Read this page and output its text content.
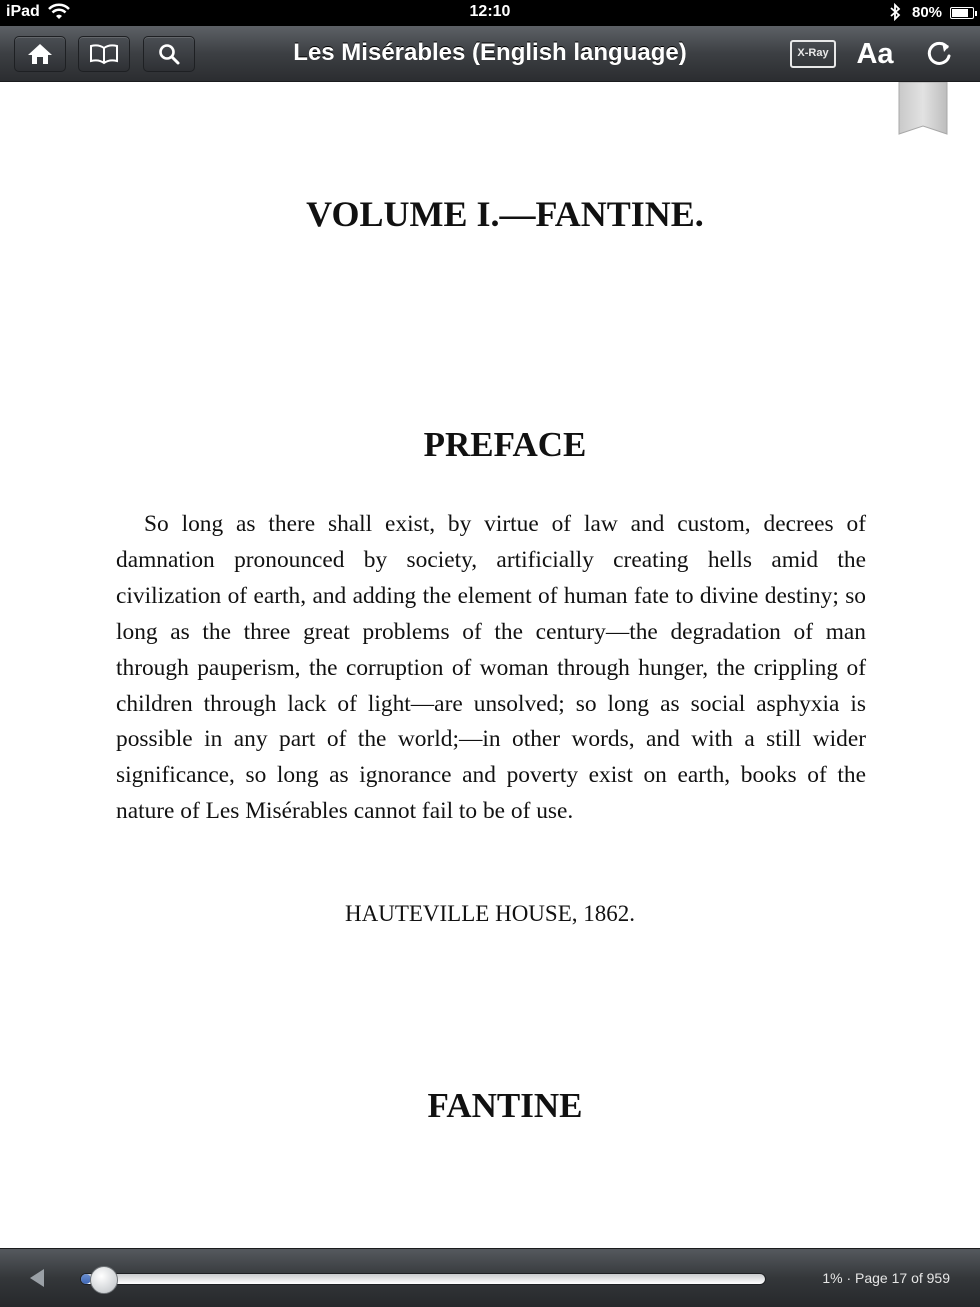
iPad	12:10	80%
Les Misérables (English language)	X-Ray Aa
VOLUME I.—FANTINE.
PREFACE

So long as there shall exist, by virtue of law and custom, decrees of damnation pronounced by society, artificially creating hells amid the civilization of earth, and adding the element of human fate to divine destiny; so long as the three great problems of the century—the degradation of man through pauperism, the corruption of woman through hunger, the crippling of children through lack of light—are unsolved; so long as social asphyxia is possible in any part of the world;—in other words, and with a still wider significance, so long as ignorance and poverty exist on earth, books of the nature of Les Misérables cannot fail to be of use.

HAUTEVILLE HOUSE, 1862.

FANTINE
1% · Page 17 of 959
